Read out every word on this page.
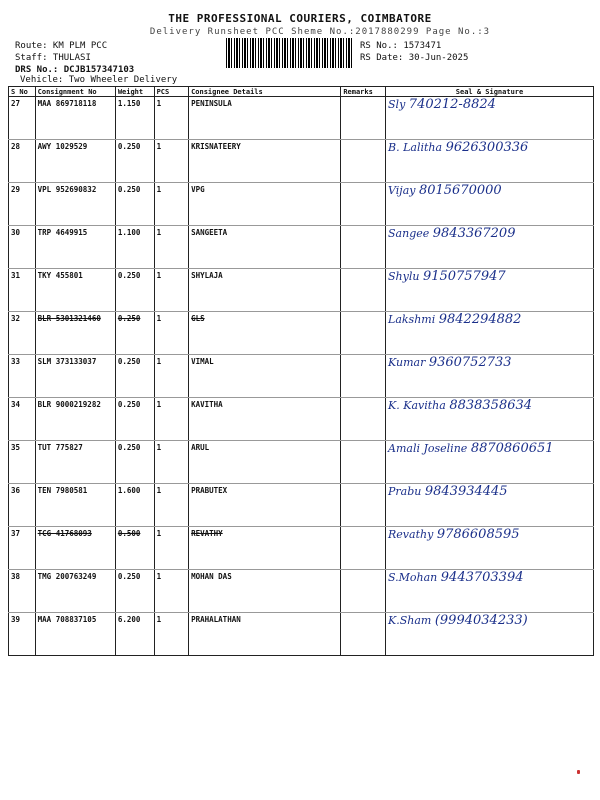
THE PROFESSIONAL COURIERS, COIMBATORE
Delivery Runsheet PCC Sheme No.:2017880299 Page No.:3
Route: KM PLM PCC
Staff: THULASI
DRS No.: DCJB157347103
Vehicle: Two Wheeler Delivery
RS No.: 1573471
RS Date: 30-Jun-2025
S No	Consignment No	Weight	PCS	Consignee Details	Remarks	Seal & Signature
27	MAA 869718118	1.150	1	PENINSULA		Sly 740212-8824

28	AWY 1029529	0.250	1	KRISNATEERY		B. Lalitha 9626300336

29	VPL 952690832	0.250	1	VPG		Vijay 8015670000

30	TRP 4649915	1.100	1	SANGEETA		Sangee 9843367209

31	TKY 455801	0.250	1	SHYLAJA		Shylu 9150757947

32	BLR 5301321460	0.250	1	GLS		Lakshmi 9842294882

33	SLM 373133037	0.250	1	VIMAL		Kumar 9360752733

34	BLR 9000219282	0.250	1	KAVITHA		K. Kavitha 8838358634

35	TUT 775827	0.250	1	ARUL		Amali Joseline 8870860651

36	TEN 7980581	1.600	1	PRABUTEX		Prabu 9843934445

37	TCG 41768093	0.500	1	REVATHY		Revathy 9786608595

38	TMG 200763249	0.250	1	MOHAN DAS		S.Mohan 9443703394

39	MAA 708837105	6.200	1	PRAHALATHAN		K.Sham (9994034233)
